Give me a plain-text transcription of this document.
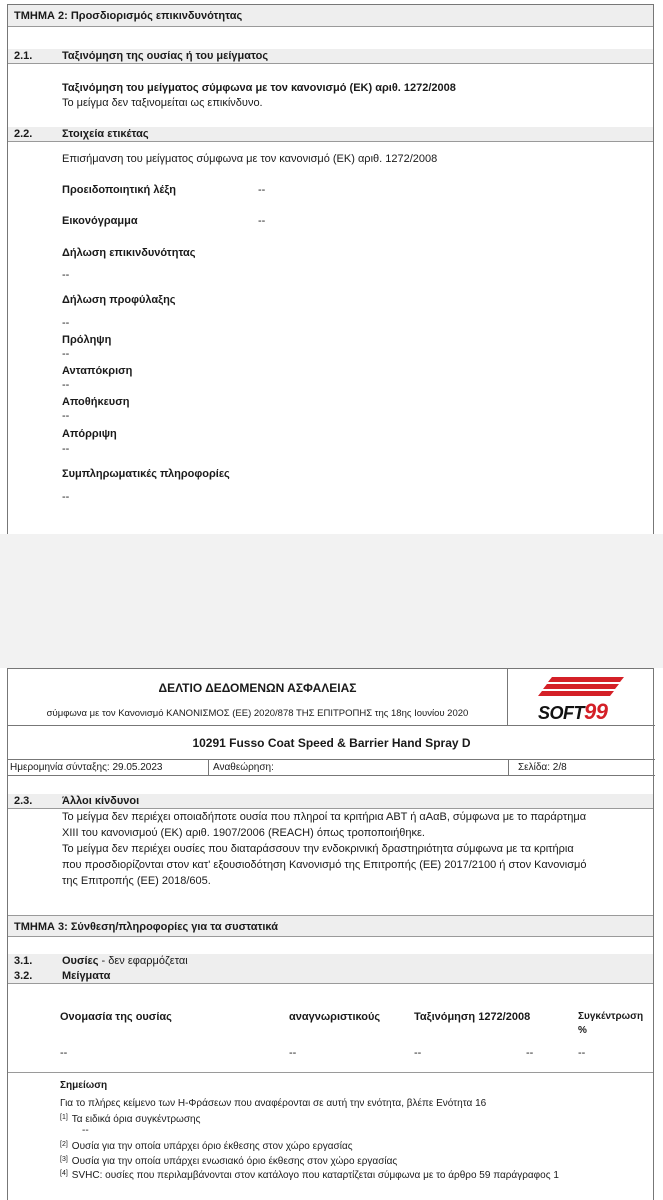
ΤΜΗΜΑ 2: Προσδιορισμός επικινδυνότητας
2.1.	Ταξινόμηση της ουσίας ή του μείγματος
Ταξινόμηση του μείγματος σύμφωνα με τον κανονισμό (ΕΚ) αριθ. 1272/2008
Το μείγμα δεν ταξινομείται ως επικίνδυνο.
2.2.	Στοιχεία ετικέτας
Επισήμανση του μείγματος σύμφωνα με τον κανονισμό (ΕΚ) αριθ. 1272/2008
Προειδοποιητική λέξη	--
Εικονόγραμμα	--
Δήλωση επικινδυνότητας
--
Δήλωση προφύλαξης
--
Πρόληψη
--
Ανταπόκριση
--
Αποθήκευση
--
Απόρριψη
--
Συμπληρωματικές πληροφορίες
--
ΔΕΛΤΙΟ ΔΕΔΟΜΕΝΩΝ ΑΣΦΑΛΕΙΑΣ
σύμφωνα με τον Κανονισμό ΚΑΝΟΝΙΣΜΟΣ (ΕΕ) 2020/878 ΤΗΣ ΕΠΙΤΡΟΠΗΣ της 18ης Ιουνίου 2020	SOFT99
10291 Fusso Coat Speed & Barrier Hand Spray D
Ημερομηνία σύνταξης: 29.05.2023	Αναθεώρηση:	Σελίδα: 2/8
2.3.	Άλλοι κίνδυνοι
Το μείγμα δεν περιέχει οποιαδήποτε ουσία που πληροί τα κριτήρια ΑΒΤ ή αΑαΒ, σύμφωνα με το παράρτημα
XIII του κανονισμού (ΕΚ) αριθ. 1907/2006 (REACH) όπως τροποποιήθηκε.
Το μείγμα δεν περιέχει ουσίες που διαταράσσουν την ενδοκρινική δραστηριότητα σύμφωνα με τα κριτήρια
που προσδιορίζονται στον κατ' εξουσιοδότηση Κανονισμό της Επιτροπής (ΕΕ) 2017/2100 ή στον Κανονισμό
της Επιτροπής (ΕΕ) 2018/605.
ΤΜΗΜΑ 3: Σύνθεση/πληροφορίες για τα συστατικά
3.1.	Ουσίες - δεν εφαρμόζεται
3.2.	Μείγματα
Ονομασία της ουσίας	αναγνωριστικούς	Ταξινόμηση 1272/2008	Συγκέντρωση
%
--	--	--	--	--
Σημείωση
Για το πλήρες κείμενο των Η-Φράσεων που αναφέρονται σε αυτή την ενότητα, βλέπε Ενότητα 16
[1] Τα ειδικά όρια συγκέντρωσης
--
[2] Ουσία για την οποία υπάρχει όριο έκθεσης στον χώρο εργασίας
[3] Ουσία για την οποία υπάρχει ενωσιακό όριο έκθεσης στον χώρο εργασίας
[4] SVHC: ουσίες που περιλαμβάνονται στον κατάλογο που καταρτίζεται σύμφωνα με το άρθρο 59 παράγραφος 1
